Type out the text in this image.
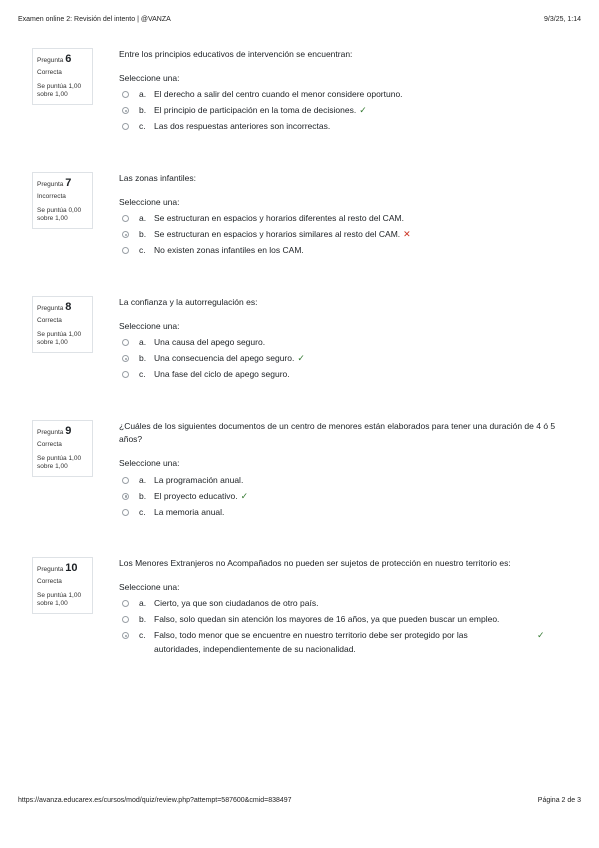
Examen online 2: Revisión del intento | @VANZA	9/3/25, 1:14
Pregunta 6
Correcta
Se puntúa 1,00
sobre 1,00
Entre los principios educativos de intervención se encuentran:
Seleccione una:
a. El derecho a salir del centro cuando el menor considere oportuno.
b. El principio de participación en la toma de decisiones. ✓
c. Las dos respuestas anteriores son incorrectas.
Pregunta 7
Incorrecta
Se puntúa 0,00
sobre 1,00
Las zonas infantiles:
Seleccione una:
a. Se estructuran en espacios y horarios diferentes al resto del CAM.
b. Se estructuran en espacios y horarios similares al resto del CAM. ✕
c. No existen zonas infantiles en los CAM.
Pregunta 8
Correcta
Se puntúa 1,00
sobre 1,00
La confianza y la autorregulación es:
Seleccione una:
a. Una causa del apego seguro.
b. Una consecuencia del apego seguro. ✓
c. Una fase del ciclo de apego seguro.
Pregunta 9
Correcta
Se puntúa 1,00
sobre 1,00
¿Cuáles de los siguientes documentos de un centro de menores están elaborados para tener una duración de 4 ó 5 años?
Seleccione una:
a. La programación anual.
b. El proyecto educativo. ✓
c. La memoria anual.
Pregunta 10
Correcta
Se puntúa 1,00
sobre 1,00
Los Menores Extranjeros no Acompañados no pueden ser sujetos de protección en nuestro territorio es:
Seleccione una:
a. Cierto, ya que son ciudadanos de otro país.
b. Falso, solo quedan sin atención los mayores de 16 años, ya que pueden buscar un empleo.
c. Falso, todo menor que se encuentre en nuestro territorio debe ser protegido por las autoridades, independientemente de su nacionalidad.
✓
https://avanza.educarex.es/cursos/mod/quiz/review.php?attempt=587600&cmid=838497	Página 2 de 3
